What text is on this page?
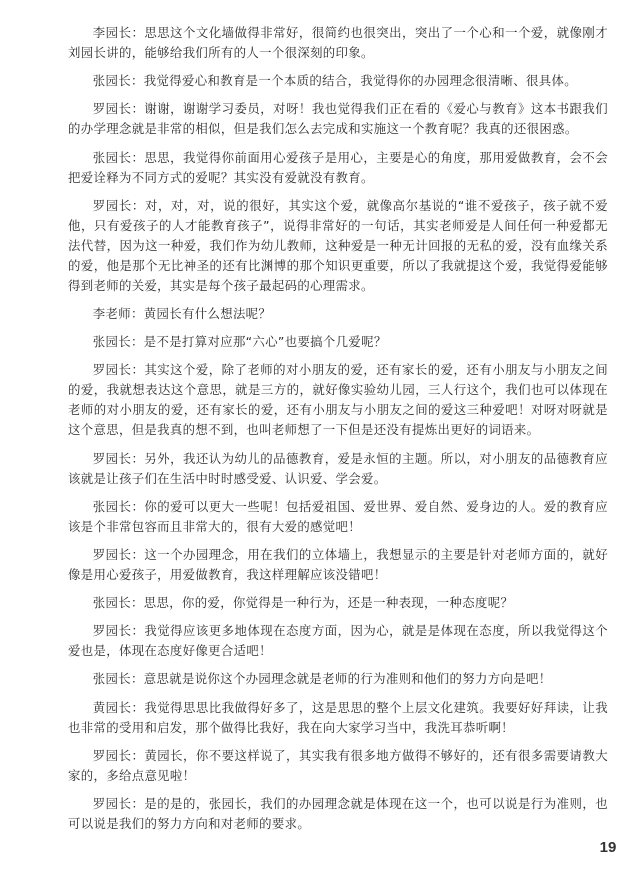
李园长：思思这个文化墙做得非常好，很简约也很突出，突出了一个心和一个爱，就像刚才刘园长讲的，能够给我们所有的人一个很深刻的印象。

张园长：我觉得爱心和教育是一个本质的结合，我觉得你的办园理念很清晰、很具体。

罗园长：谢谢，谢谢学习委员，对呀！我也觉得我们正在看的《爱心与教育》这本书跟我们的办学理念就是非常的相似，但是我们怎么去完成和实施这一个教育呢？我真的还很困惑。

张园长：思思，我觉得你前面用心爱孩子是用心，主要是心的角度，那用爱做教育，会不会把爱诠释为不同方式的爱呢？其实没有爱就没有教育。

罗园长：对，对，对，说的很好，其实这个爱，就像高尔基说的“谁不爱孩子，孩子就不爱他，只有爱孩子的人才能教育孩子”，说得非常好的一句话，其实老师爱是人间任何一种爱都无法代替，因为这一种爱，我们作为幼儿教师，这种爱是一种无计回报的无私的爱，没有血缘关系的爱，他是那个无比神圣的还有比渊博的那个知识更重要，所以了我就提这个爱，我觉得爱能够得到老师的关爱，其实是每个孩子最起码的心理需求。

李老师：黄园长有什么想法呢？

张园长：是不是打算对应那“六心”也要搞个几爱呢？

罗园长：其实这个爱，除了老师的对小朋友的爱，还有家长的爱，还有小朋友与小朋友之间的爱，我就想表达这个意思，就是三方的，就好像实验幼儿园，三人行这个，我们也可以体现在老师的对小朋友的爱，还有家长的爱，还有小朋友与小朋友之间的爱这三种爱吧！对呀对呀就是这个意思，但是我真的想不到，也叫老师想了一下但是还没有提炼出更好的词语来。

罗园长：另外，我还认为幼儿的品德教育，爱是永恒的主题。所以，对小朋友的品德教育应该就是让孩子们在生活中时时感受爱、认识爱、学会爱。

张园长：你的爱可以更大一些呢！包括爱祖国、爱世界、爱自然、爱身边的人。爱的教育应该是个非常包容而且非常大的，很有大爱的感觉吧！

罗园长：这一个办园理念，用在我们的立体墙上，我想显示的主要是针对老师方面的，就好像是用心爱孩子，用爱做教育，我这样理解应该没错吧！

张园长：思思，你的爱，你觉得是一种行为，还是一种表现，一种态度呢？

罗园长：我觉得应该更多地体现在态度方面，因为心，就是是体现在态度，所以我觉得这个爱也是，体现在态度好像更合适吧！

张园长：意思就是说你这个办园理念就是老师的行为准则和他们的努力方向是吧！

黄园长：我觉得思思比我做得好多了，这是思思的整个上层文化建筑。我要好好拜读，让我也非常的受用和启发，那个做得比我好，我在向大家学习当中，我洗耳恭听啊！

罗园长：黄园长，你不要这样说了，其实我有很多地方做得不够好的，还有很多需要请教大家的，多给点意见啦！

罗园长：是的是的，张园长，我们的办园理念就是体现在这一个，也可以说是行为准则，也可以说是我们的努力方向和对老师的要求。

19
